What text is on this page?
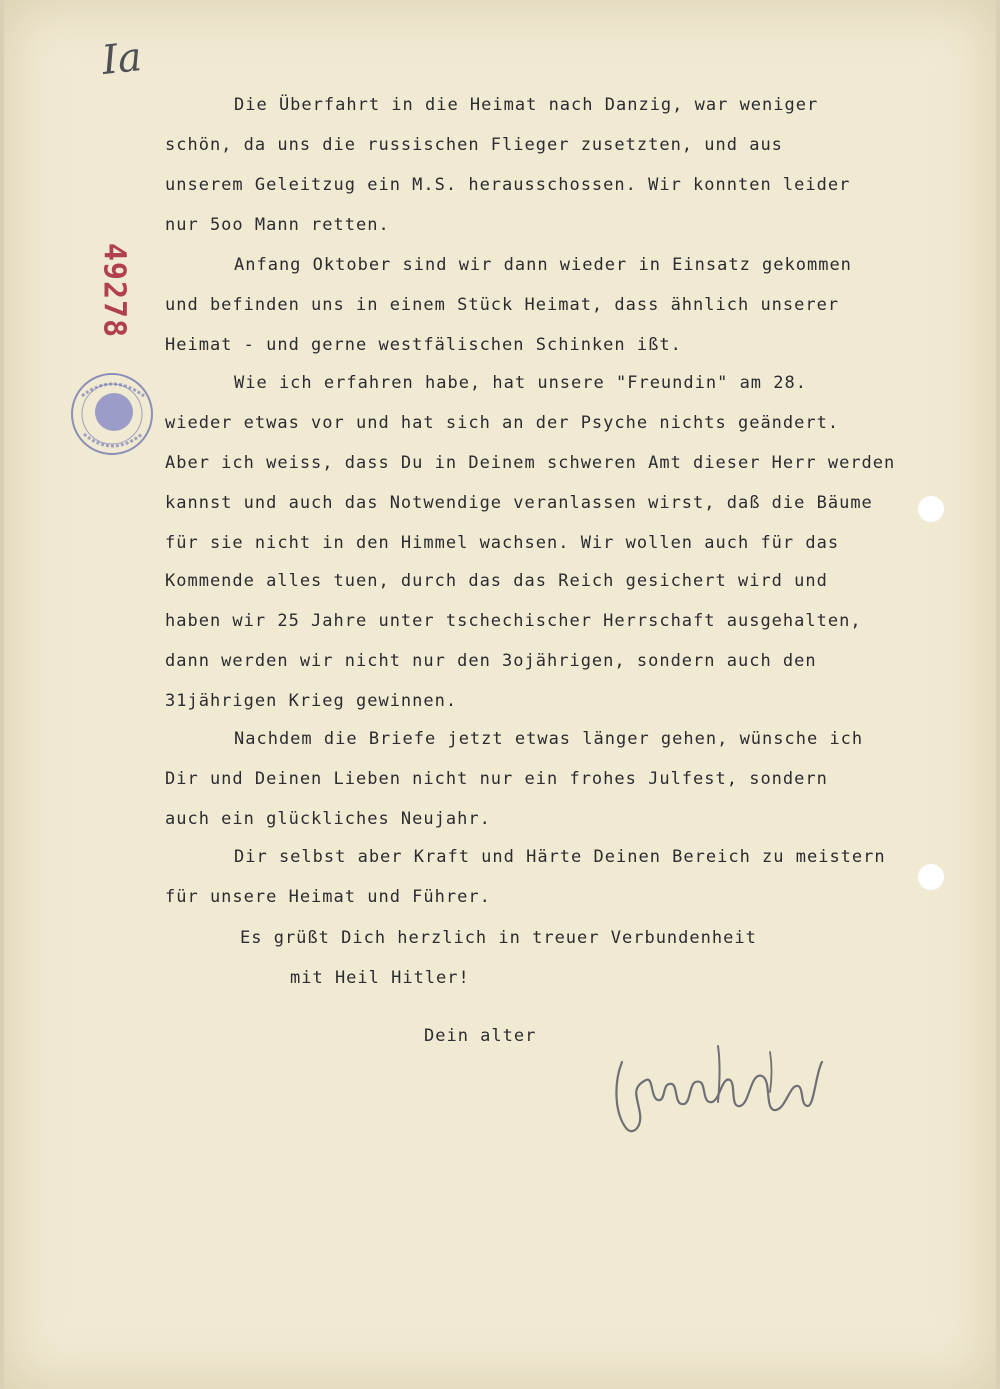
Ia
49278
Die Überfahrt in die Heimat nach Danzig, war weniger
schön, da uns die russischen Flieger zusetzten, und aus
unserem Geleitzug ein M.S. herausschossen. Wir konnten leider
nur 5oo Mann retten.
Anfang Oktober sind wir dann wieder in Einsatz gekommen
und befinden uns in einem Stück Heimat, dass ähnlich unserer
Heimat - und gerne westfälischen Schinken ißt.
Wie ich erfahren habe, hat unsere "Freundin" am 28.
wieder etwas vor und hat sich an der Psyche nichts geändert.
Aber ich weiss, dass Du in Deinem schweren Amt dieser Herr werden
kannst und auch das Notwendige veranlassen wirst, daß die Bäume
für sie nicht in den Himmel wachsen. Wir wollen auch für das
Kommende alles tuen, durch das das Reich gesichert wird und
haben wir 25 Jahre unter tschechischer Herrschaft ausgehalten,
dann werden wir nicht nur den 3ojährigen, sondern auch den
31jährigen Krieg gewinnen.
Nachdem die Briefe jetzt etwas länger gehen, wünsche ich
Dir und Deinen Lieben nicht nur ein frohes Julfest, sondern
auch ein glückliches Neujahr.
Dir selbst aber Kraft und Härte Deinen Bereich zu meistern
für unsere Heimat und Führer.
Es grüßt Dich herzlich in treuer Verbundenheit
mit Heil Hitler!
Dein alter
